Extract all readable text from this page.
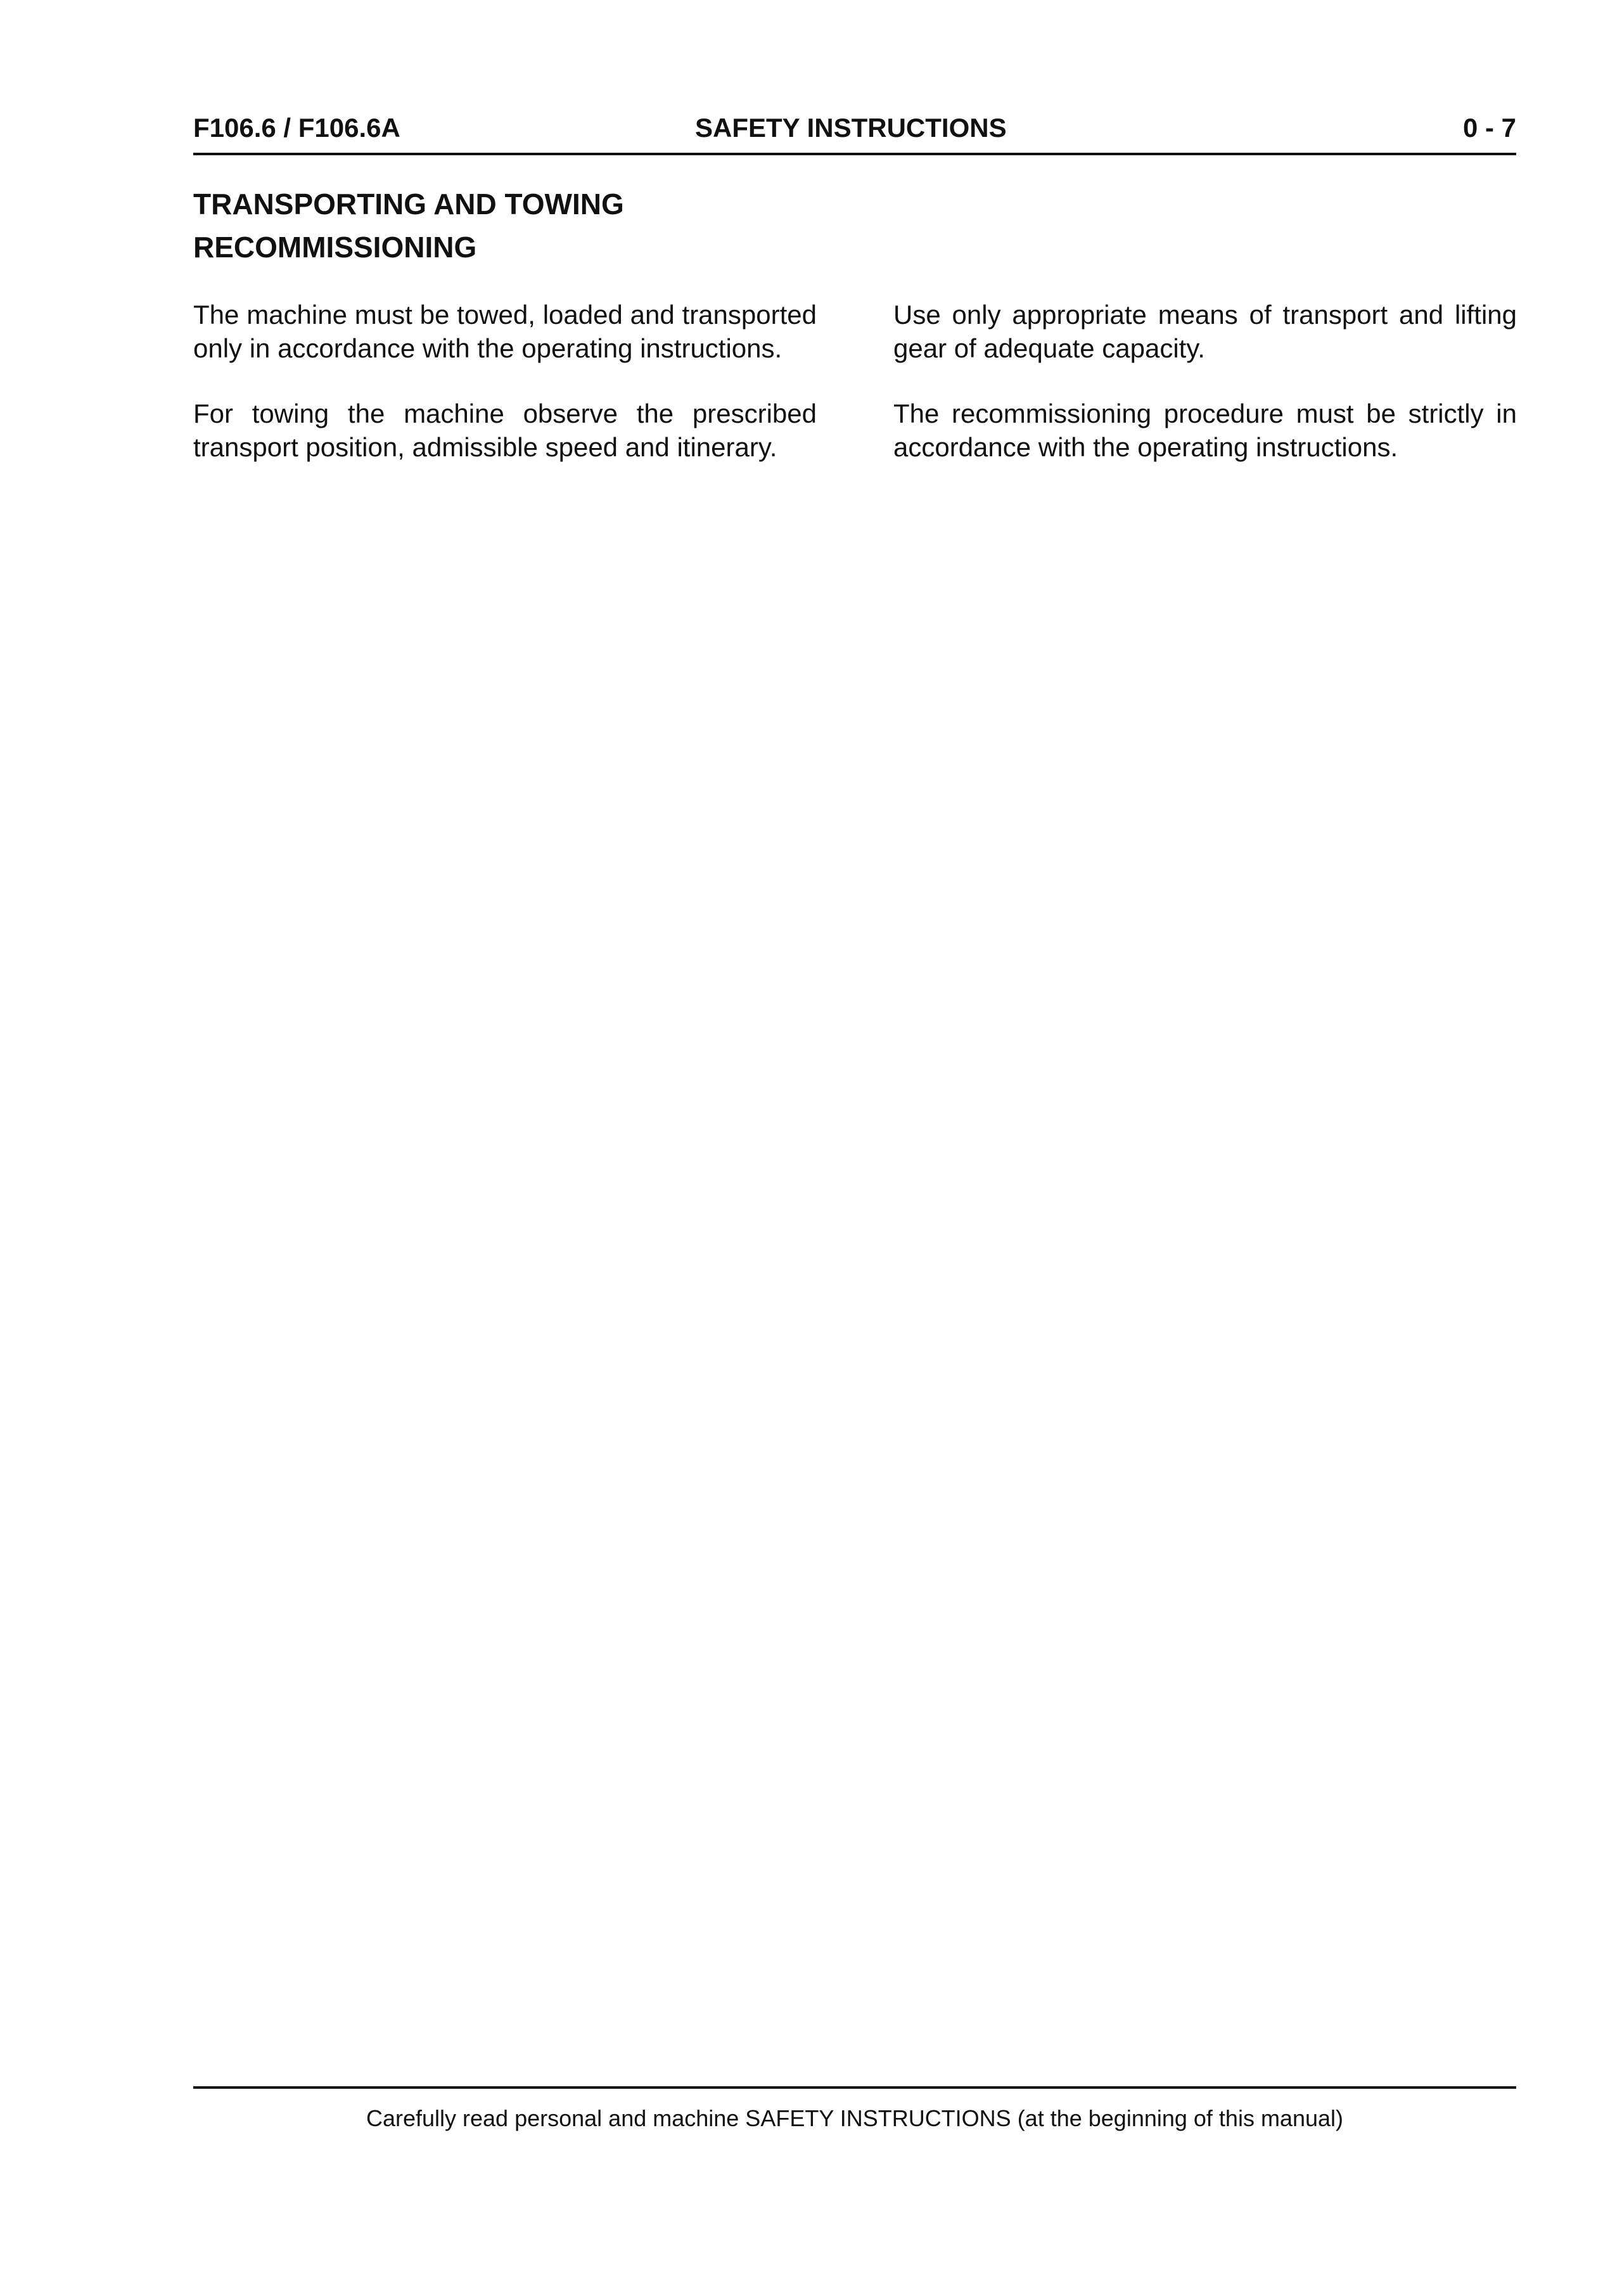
F106.6 / F106.6A	SAFETY INSTRUCTIONS	0 - 7
TRANSPORTING AND TOWING
RECOMMISSIONING

The machine must be towed, loaded and transported only in accordance with the operating instructions.

For towing the machine observe the prescribed transport position, admissible speed and itinerary.

Use only appropriate means of transport and lifting gear of adequate capacity.

The recommissioning procedure must be strictly in accordance with the operating instructions.

Carefully read personal and machine SAFETY INSTRUCTIONS (at the beginning of this manual)
